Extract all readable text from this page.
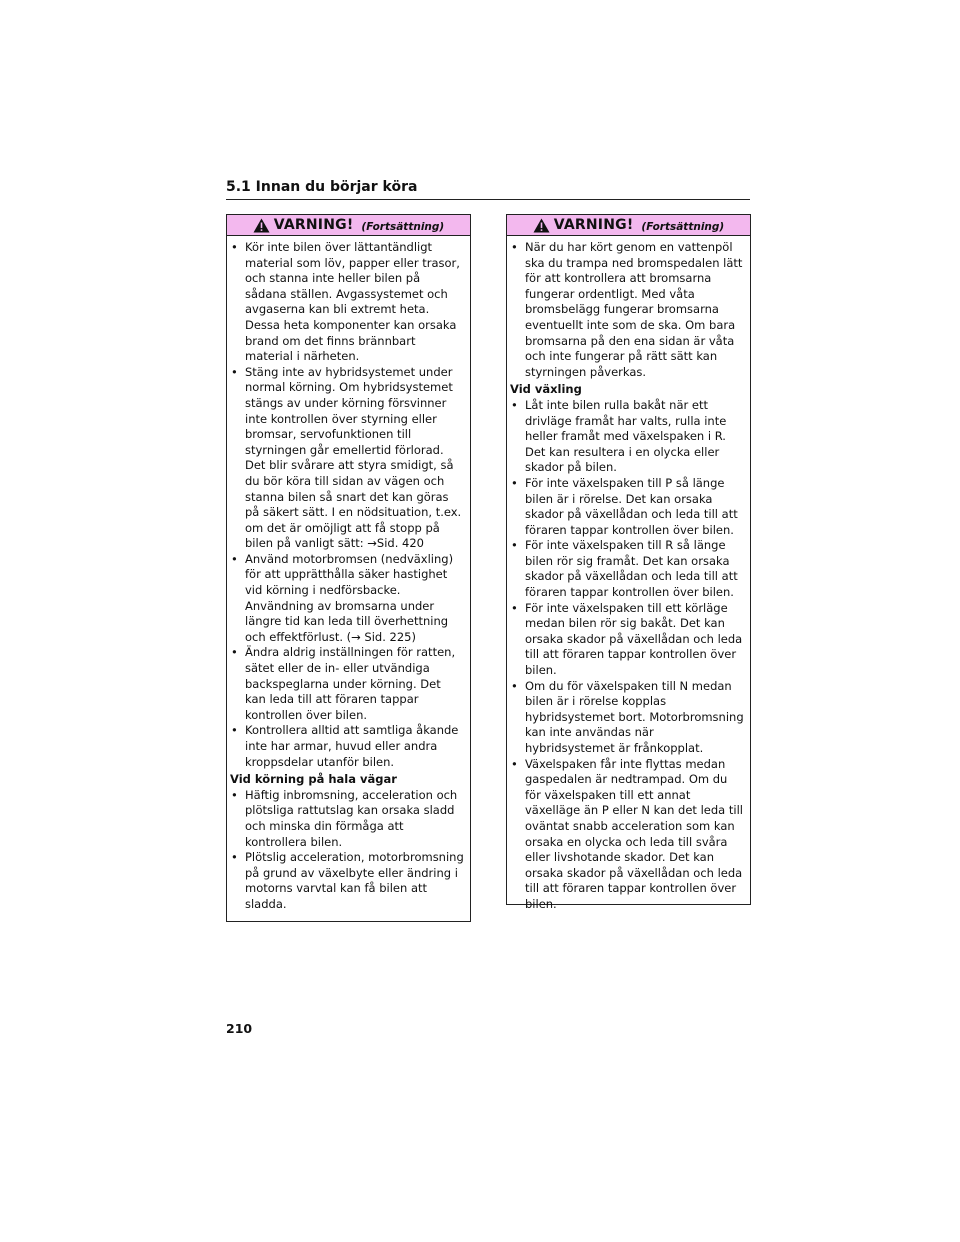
5.1 Innan du börjar köra
VARNING! (Fortsättning)
• Kör inte bilen över lättantändligt material som löv, papper eller trasor, och stanna inte heller bilen på sådana ställen. Avgassystemet och avgaserna kan bli extremt heta. Dessa heta komponenter kan orsaka brand om det finns brännbart material i närheten.
• Stäng inte av hybridsystemet under normal körning. Om hybridsystemet stängs av under körning försvinner inte kontrollen över styrning eller bromsar, servofunktionen till styrningen går emellertid förlorad. Det blir svårare att styra smidigt, så du bör köra till sidan av vägen och stanna bilen så snart det kan göras på säkert sätt. I en nödsituation, t.ex. om det är omöjligt att få stopp på bilen på vanligt sätt: →Sid. 420
• Använd motorbromsen (nedväxling) för att upprätthålla säker hastighet vid körning i nedförsbacke. Användning av bromsarna under längre tid kan leda till överhettning och effektförlust. (→ Sid. 225)
• Ändra aldrig inställningen för ratten, sätet eller de in- eller utvändiga backspeglarna under körning. Det kan leda till att föraren tappar kontrollen över bilen.
• Kontrollera alltid att samtliga åkande inte har armar, huvud eller andra kroppsdelar utanför bilen.
Vid körning på hala vägar
• Häftig inbromsning, acceleration och plötsliga rattutslag kan orsaka sladd och minska din förmåga att kontrollera bilen.
• Plötslig acceleration, motorbromsning på grund av växelbyte eller ändring i motorns varvtal kan få bilen att sladda.
VARNING! (Fortsättning)
• När du har kört genom en vattenpöl ska du trampa ned bromspedalen lätt för att kontrollera att bromsarna fungerar ordentligt. Med våta bromsbelägg fungerar bromsarna eventuellt inte som de ska. Om bara bromsarna på den ena sidan är våta och inte fungerar på rätt sätt kan styrningen påverkas.
Vid växling
• Låt inte bilen rulla bakåt när ett drivläge framåt har valts, rulla inte heller framåt med växelspaken i R. Det kan resultera i en olycka eller skador på bilen.
• För inte växelspaken till P så länge bilen är i rörelse. Det kan orsaka skador på växellådan och leda till att föraren tappar kontrollen över bilen.
• För inte växelspaken till R så länge bilen rör sig framåt. Det kan orsaka skador på växellådan och leda till att föraren tappar kontrollen över bilen.
• För inte växelspaken till ett körläge medan bilen rör sig bakåt. Det kan orsaka skador på växellådan och leda till att föraren tappar kontrollen över bilen.
• Om du för växelspaken till N medan bilen är i rörelse kopplas hybridsystemet bort. Motorbromsning kan inte användas när hybridsystemet är frånkopplat.
• Växelspaken får inte flyttas medan gaspedalen är nedtrampad. Om du för växelspaken till ett annat växelläge än P eller N kan det leda till oväntat snabb acceleration som kan orsaka en olycka och leda till svåra eller livshotande skador. Det kan orsaka skador på växellådan och leda till att föraren tappar kontrollen över bilen.
210
